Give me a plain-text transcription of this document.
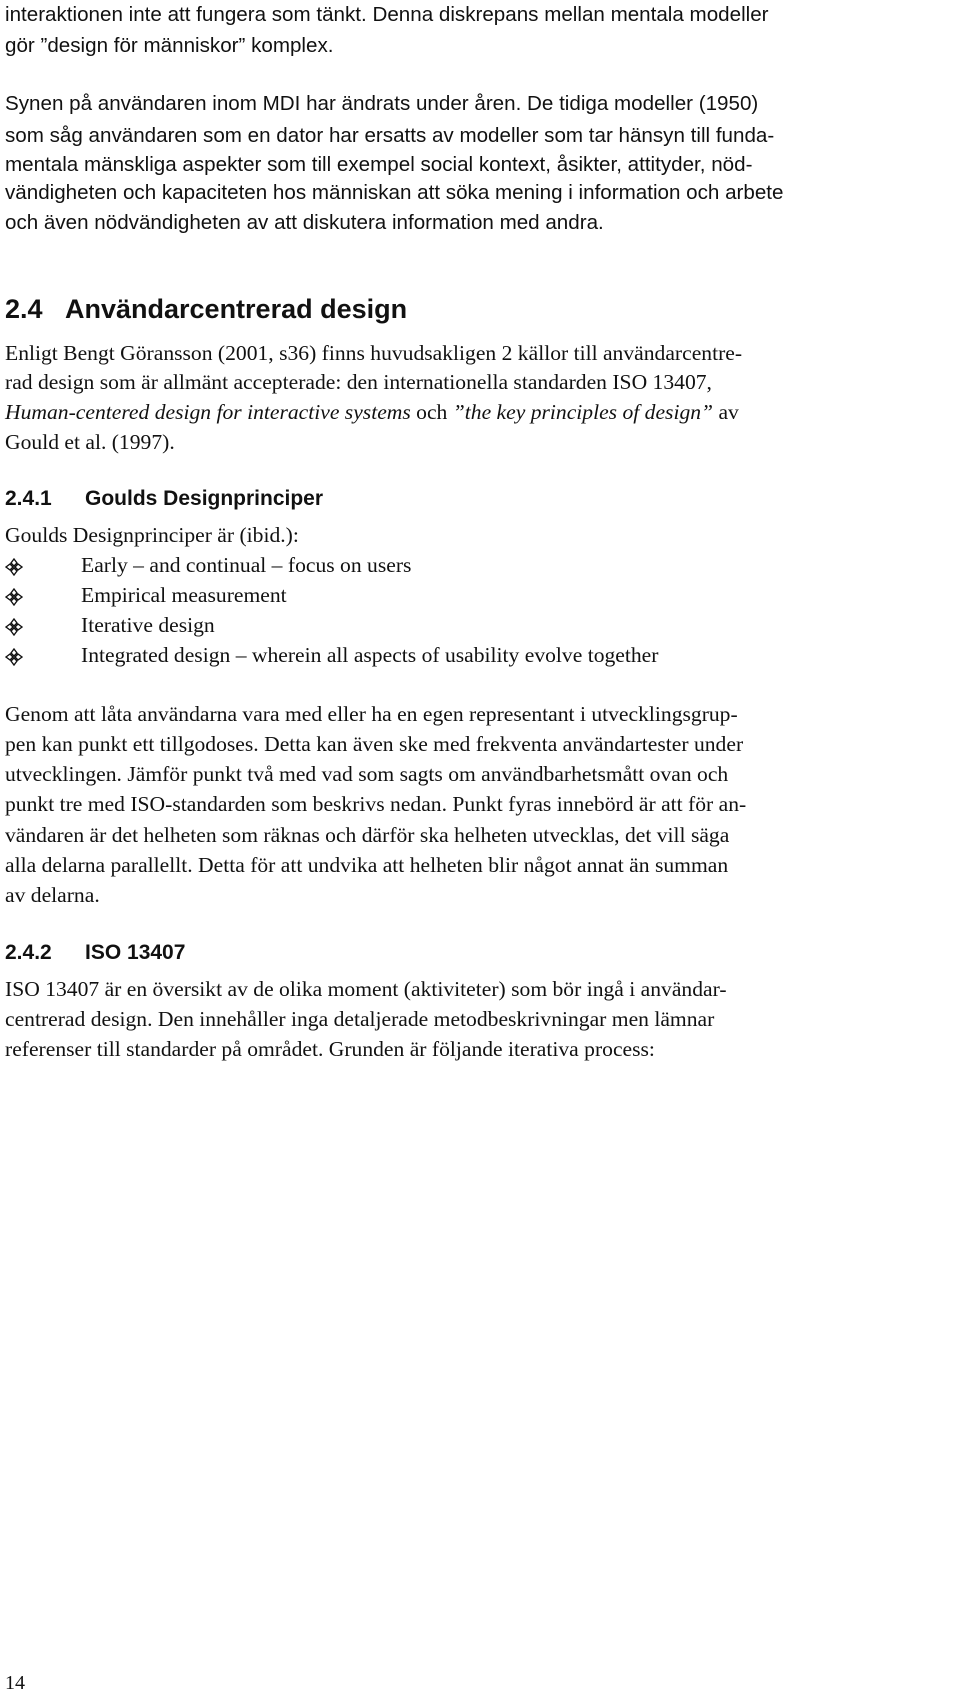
interaktionen inte att fungera som tänkt. Denna diskrepans mellan mentala modeller
gör ”design för människor” komplex.
Synen på användaren inom MDI har ändrats under åren. De tidiga modeller (1950)
som såg användaren som en dator har ersatts av modeller som tar hänsyn till funda-
mentala mänskliga aspekter som till exempel social kontext, åsikter, attityder, nöd-
vändigheten och kapaciteten hos människan att söka mening i information och arbete
och även nödvändigheten av att diskutera information med andra.
2.4 Användarcentrerad design
Enligt Bengt Göransson (2001, s36) finns huvudsakligen 2 källor till användarcentre-
rad design som är allmänt accepterade: den internationella standarden ISO 13407,
Human-centered design for interactive systems och ”the key principles of design” av
Gould et al. (1997).
2.4.1 Goulds Designprinciper
Goulds Designprinciper är (ibid.):
Early – and continual – focus on users
Empirical measurement
Iterative design
Integrated design – wherein all aspects of usability evolve together
Genom att låta användarna vara med eller ha en egen representant i utvecklingsgrup-
pen kan punkt ett tillgodoses. Detta kan även ske med frekventa användartester under
utvecklingen. Jämför punkt två med vad som sagts om användbarhetsmått ovan och
punkt tre med ISO-standarden som beskrivs nedan. Punkt fyras innebörd är att för an-
vändaren är det helheten som räknas och därför ska helheten utvecklas, det vill säga
alla delarna parallellt. Detta för att undvika att helheten blir något annat än summan
av delarna.
2.4.2 ISO 13407
ISO 13407 är en översikt av de olika moment (aktiviteter) som bör ingå i användar-
centrerad design. Den innehåller inga detaljerade metodbeskrivningar men lämnar
referenser till standarder på området. Grunden är följande iterativa process:
14
